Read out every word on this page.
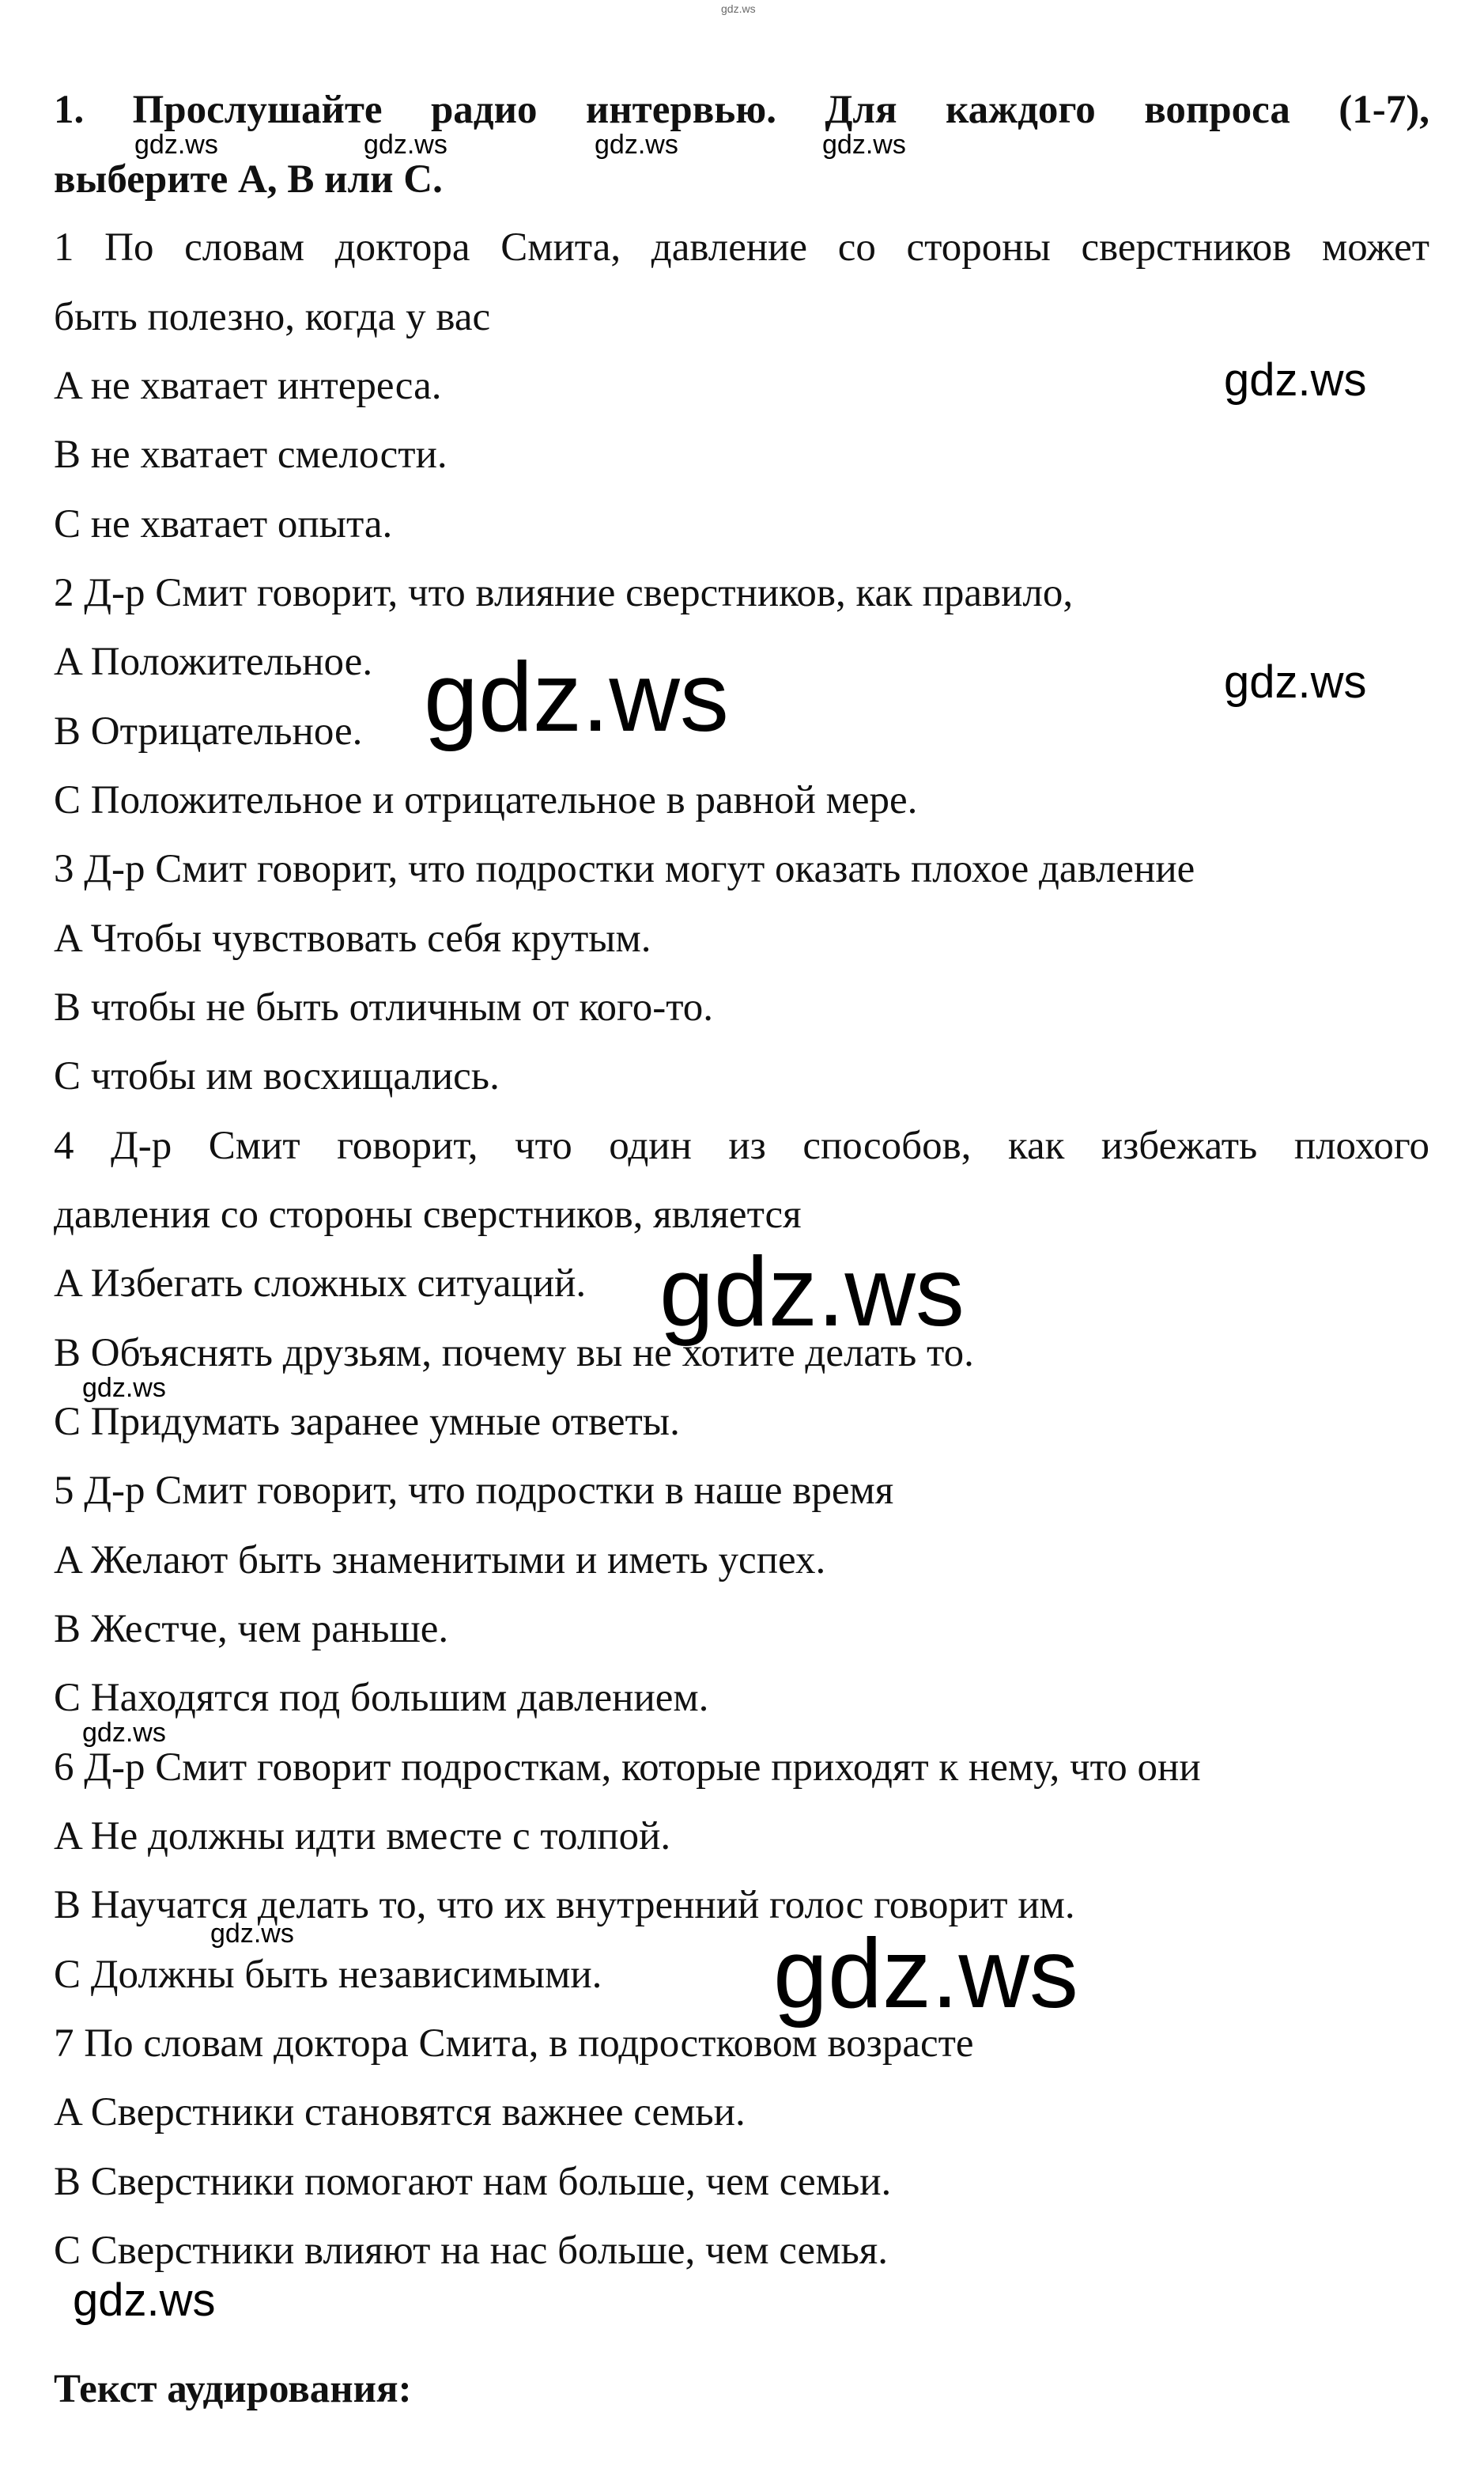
1. Прослушайте радио интервью. Для каждого вопроса (1-7),

выберите A, B или C.

1 По словам доктора Смита, давление со стороны сверстников может

быть полезно, когда у вас

A не хватает интереса.

B не хватает смелости.

C не хватает опыта.

2 Д-р Смит говорит, что влияние сверстников, как правило,

A Положительное.

B Отрицательное.

C Положительное и отрицательное в равной мере.

3 Д-р Смит говорит, что подростки могут оказать плохое давление

A Чтобы чувствовать себя крутым.

B чтобы не быть отличным от кого-то.

C чтобы им восхищались.

4 Д-р Смит говорит, что один из способов, как избежать плохого

давления со стороны сверстников, является

A Избегать сложных ситуаций.

B Объяснять друзьям, почему вы не хотите делать то.

C Придумать заранее умные ответы.

5 Д-р Смит говорит, что подростки в наше время

A Желают быть знаменитыми и иметь успех.

B Жестче, чем раньше.

C Находятся под большим давлением.

6 Д-р Смит говорит подросткам, которые приходят к нему, что они

A Не должны идти вместе с толпой.

B Научатся делать то, что их внутренний голос говорит им.

C Должны быть независимыми.

7 По словам доктора Смита, в подростковом возрасте

A Сверстники становятся важнее семьи.

B Сверстники помогают нам больше, чем семьи.

C Сверстники влияют на нас больше, чем семья.

Текст аудирования:

gdz.ws
gdz.ws	gdz.ws	gdz.ws	gdz.ws
gdz.ws
gdz.ws	gdz.ws
gdz.ws
gdz.ws
gdz.ws
gdz.ws	gdz.ws
gdz.ws
